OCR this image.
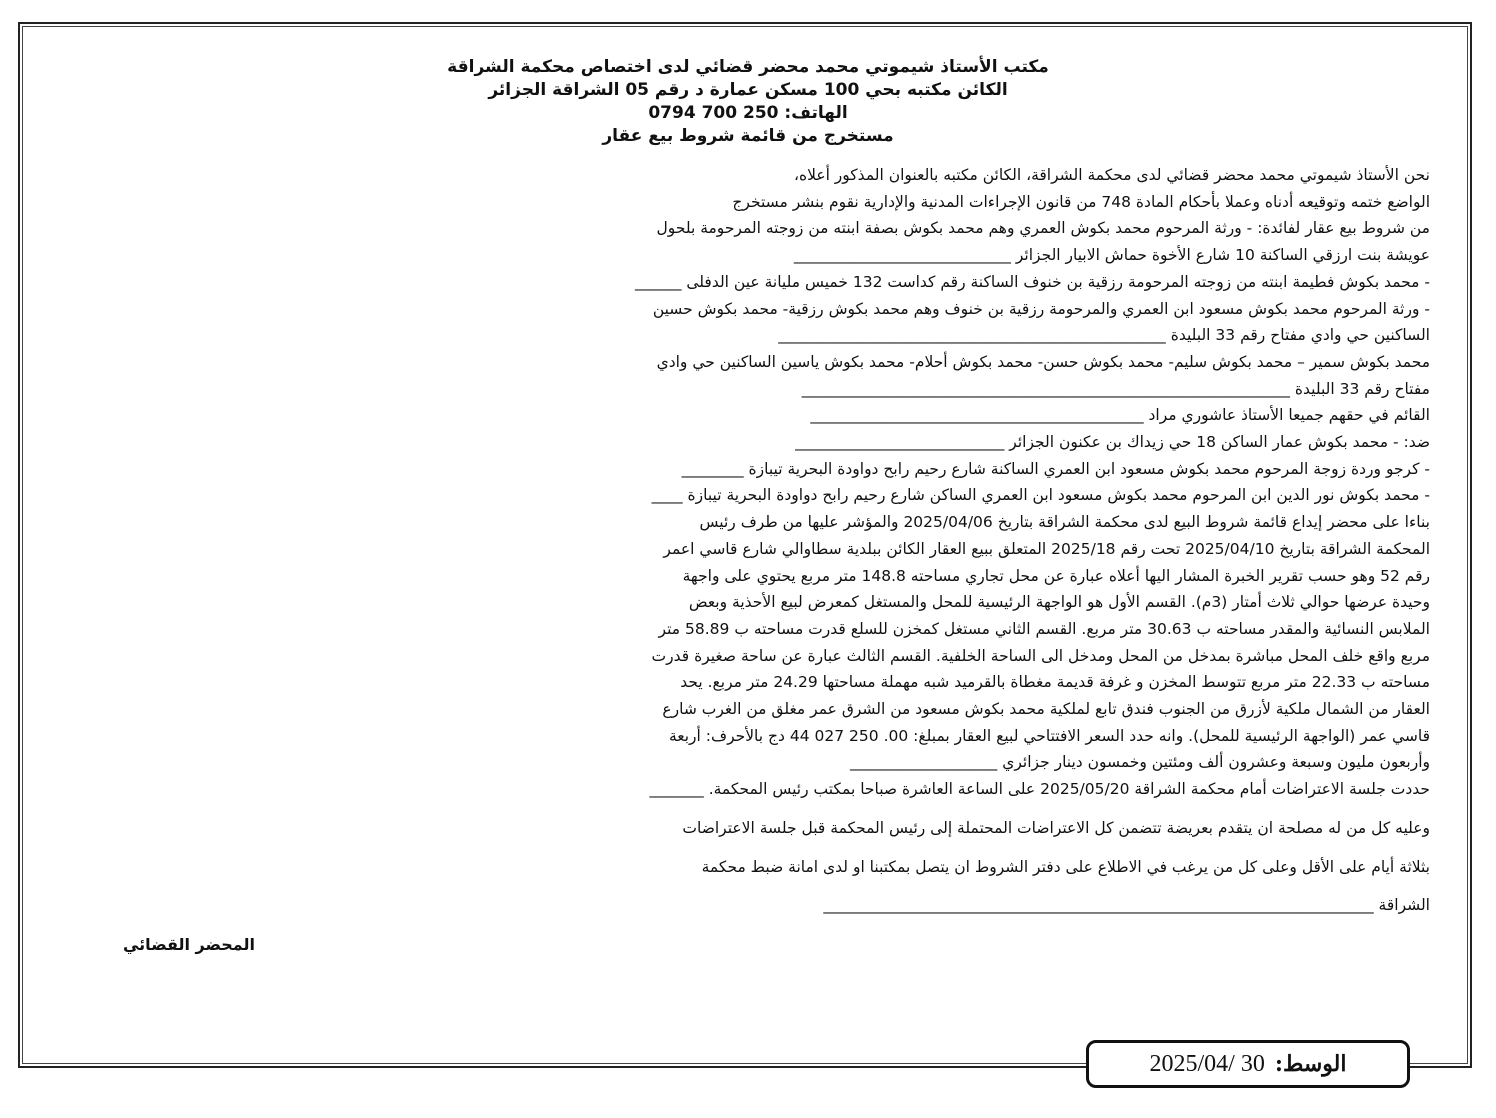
مكتب الأستاذ شيموتي محمد محضر قضائي لدى اختصاص محكمة الشراقة
الكائن مكتبه بحي 100 مسكن عمارة د رقم 05 الشراقة الجزائر
الهاتف: 250 700 0794
مستخرج من قائمة شروط بيع عقار
نحن الأستاذ شيموتي محمد محضر قضائي لدى محكمة الشراقة، الكائن مكتبه بالعنوان المذكور أعلاه،
الواضع ختمه وتوقيعه أدناه وعملا بأحكام المادة 748 من قانون الإجراءات المدنية والإدارية نقوم بنشر مستخرج
من شروط بيع عقار لفائدة: - ورثة المرحوم محمد بكوش العمري وهم محمد بكوش بصفة ابنته من زوجته المرحومة بلحول
عويشة بنت ارزقي الساكنة 10 شارع الأخوة حماش الابيار الجزائر ____________________________
- محمد بكوش فطيمة ابنته من زوجته المرحومة رزقية بن خنوف الساكنة رقم كداست 132 خميس مليانة عين الدفلى ______
- ورثة المرحوم محمد بكوش مسعود ابن العمري والمرحومة رزقية بن خنوف وهم محمد بكوش رزقية- محمد بكوش حسين
الساكنين حي وادي مفتاح رقم 33 البليدة __________________________________________________
محمد بكوش سمير – محمد بكوش سليم- محمد بكوش حسن- محمد بكوش أحلام- محمد بكوش ياسين الساكنين حي وادي
مفتاح رقم 33 البليدة _______________________________________________________________
القائم في حقهم جميعا الأستاذ عاشوري مراد ___________________________________________
ضد: - محمد بكوش عمار الساكن 18 حي زيداك بن عكنون الجزائر ___________________________
- كرجو وردة زوجة المرحوم محمد بكوش مسعود ابن العمري الساكنة شارع رحيم رابح دواودة البحرية تيبازة ________
- محمد بكوش نور الدين ابن المرحوم محمد بكوش مسعود ابن العمري الساكن شارع رحيم رابح دواودة البحرية تيبازة ____
بناءا على محضر إيداع قائمة شروط البيع لدى محكمة الشراقة بتاريخ 2025/04/06 والمؤشر عليها من طرف رئيس
المحكمة الشراقة بتاريخ 2025/04/10 تحت رقم 2025/18 المتعلق ببيع العقار الكائن ببلدية سطاوالي شارع قاسي اعمر
رقم 52 وهو حسب تقرير الخبرة المشار اليها أعلاه عبارة عن محل تجاري مساحته 148.8 متر مربع يحتوي على واجهة
وحيدة عرضها حوالي ثلاث أمتار (3م). القسم الأول هو الواجهة الرئيسية للمحل والمستغل كمعرض لبيع الأحذية وبعض
الملابس النسائية والمقدر مساحته ب 30.63 متر مربع. القسم الثاني مستغل كمخزن للسلع قدرت مساحته ب 58.89 متر
مربع واقع خلف المحل مباشرة بمدخل من المحل ومدخل الى الساحة الخلفية. القسم الثالث عبارة عن ساحة صغيرة قدرت
مساحته ب 22.33 متر مربع تتوسط المخزن و غرفة قديمة مغطاة بالقرميد شبه مهملة مساحتها 24.29 متر مربع. يحد
العقار من الشمال ملكية لأزرق من الجنوب فندق تابع لملكية محمد بكوش مسعود من الشرق عمر مغلق من الغرب شارع
قاسي عمر (الواجهة الرئيسية للمحل). وانه حدد السعر الافتتاحي لبيع العقار بمبلغ: 00. 250 027 44 دج بالأحرف: أربعة
وأربعون مليون وسبعة وعشرون ألف ومئتين وخمسون دينار جزائري ___________________
حددت جلسة الاعتراضات أمام محكمة الشراقة 2025/05/20 على الساعة العاشرة صباحا بمكتب رئيس المحكمة. _______
وعليه كل من له مصلحة ان يتقدم بعريضة تتضمن كل الاعتراضات المحتملة إلى رئيس المحكمة قبل جلسة الاعتراضات
بثلاثة أيام على الأقل وعلى كل من يرغب في الاطلاع على دفتر الشروط ان يتصل بمكتبنا او لدى امانة ضبط محكمة
الشراقة _______________________________________________________________________
المحضر القضائي
الوسط:
2025/04/ 30
